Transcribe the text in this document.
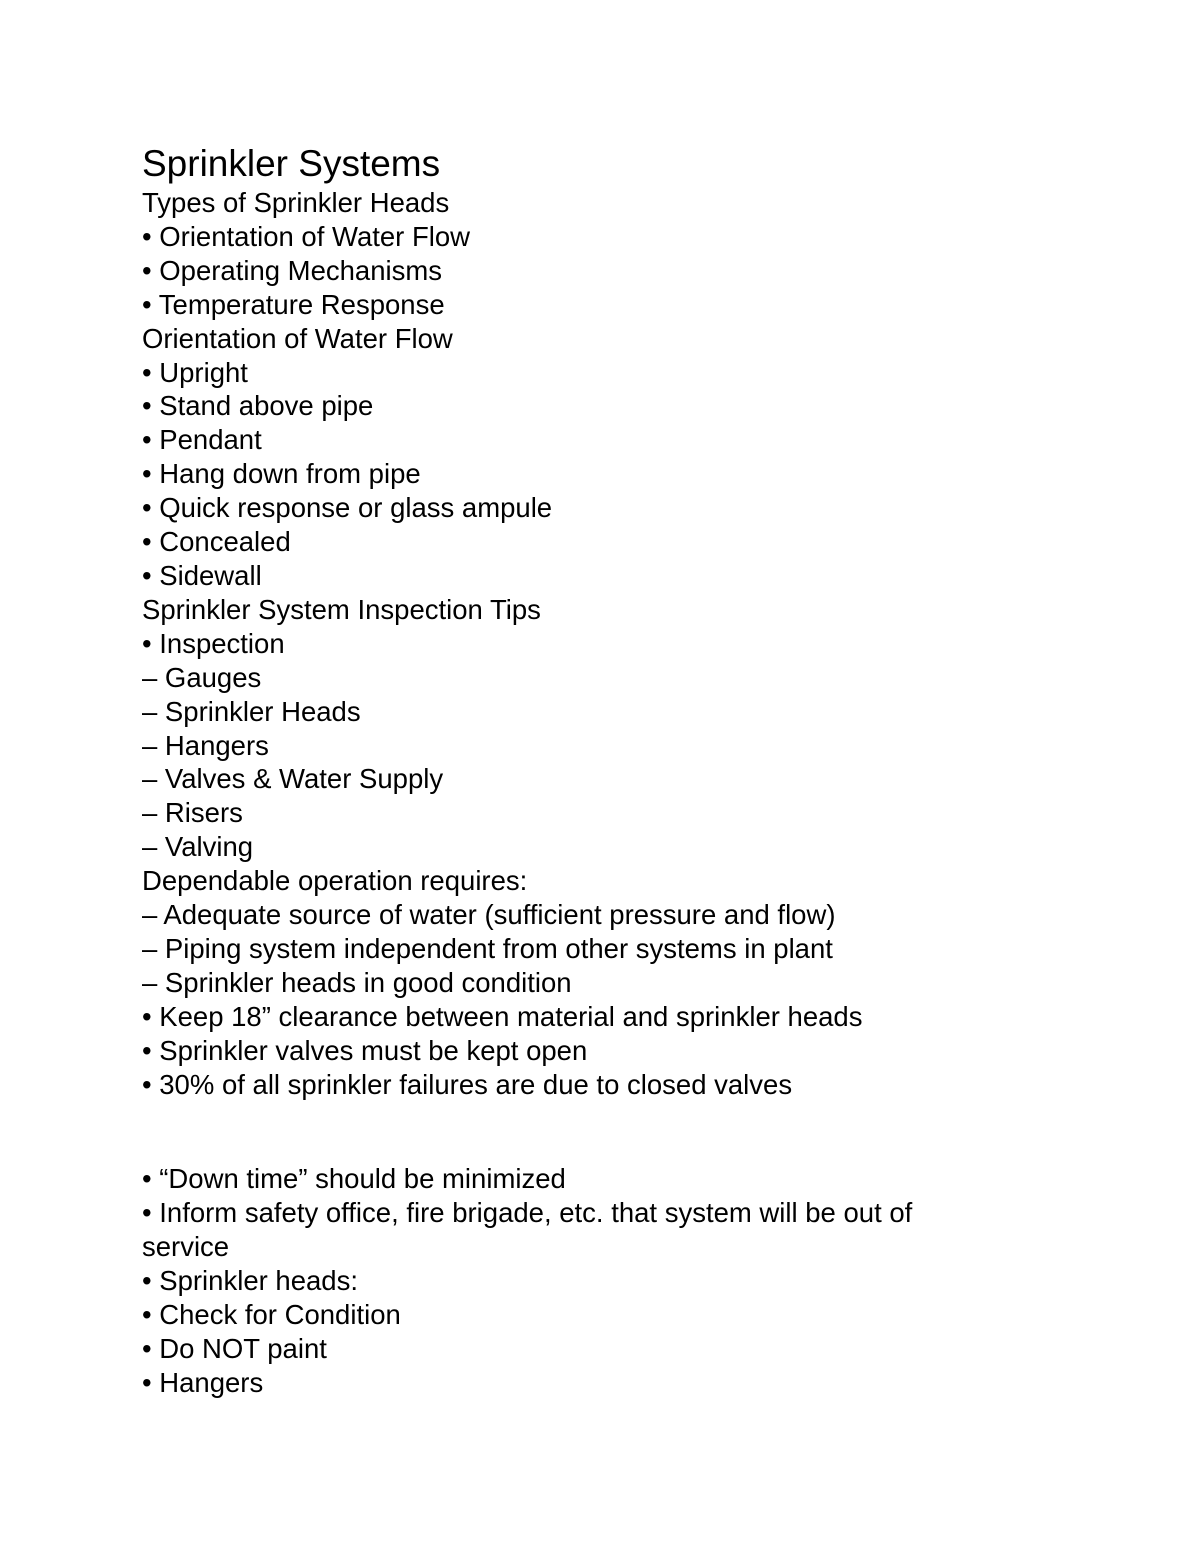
Sprinkler Systems
Types of Sprinkler Heads
• Orientation of Water Flow
• Operating Mechanisms
• Temperature Response
Orientation of Water Flow
• Upright
• Stand above pipe
• Pendant
• Hang down from pipe
• Quick response or glass ampule
• Concealed
• Sidewall
Sprinkler System Inspection Tips
• Inspection
– Gauges
– Sprinkler Heads
– Hangers
– Valves & Water Supply
– Risers
– Valving
Dependable operation requires:
– Adequate source of water (sufficient pressure and flow)
– Piping system independent from other systems in plant
– Sprinkler heads in good condition
• Keep 18” clearance between material and sprinkler heads
• Sprinkler valves must be kept open
• 30% of all sprinkler failures are due to closed valves
• “Down time” should be minimized
• Inform safety office, fire brigade, etc. that system will be out of service
• Sprinkler heads:
• Check for Condition
• Do NOT paint
• Hangers
